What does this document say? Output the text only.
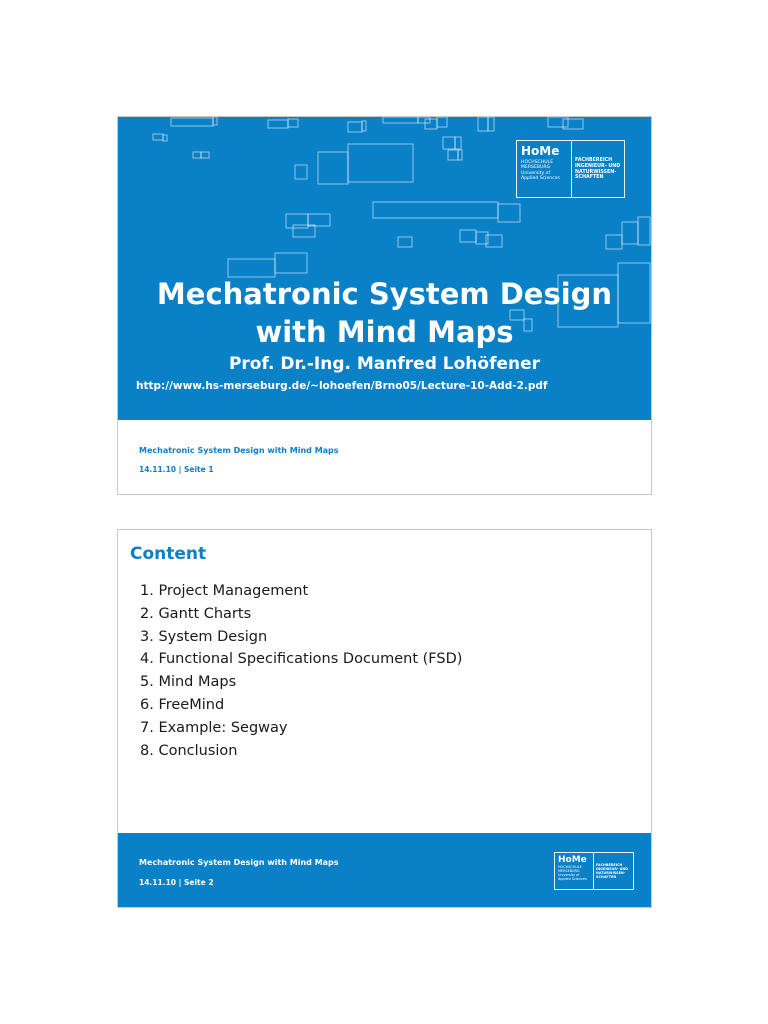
HoMe
HOCHSCHULE
MERSEBURG
University of
Applied Sciences
FACHBEREICH
INGENIEUR- UND
NATURWISSEN-
SCHAFTEN
Mechatronic System Design
with Mind Maps
Prof. Dr.-Ing. Manfred Lohöfener
http://www.hs-merseburg.de/~lohoefen/Brno05/Lecture-10-Add-2.pdf
Mechatronic System Design with Mind Maps
14.11.10 | Seite 1
Content
1. Project Management
2. Gantt Charts
3. System Design
4. Functional Specifications Document (FSD)
5. Mind Maps
6. FreeMind
7. Example: Segway
8. Conclusion
Mechatronic System Design with Mind Maps
14.11.10 | Seite 2
HoMe
HOCHSCHULE
MERSEBURG
University of
Applied Sciences
FACHBEREICH
INGENIEUR- UND
NATURWISSEN-
SCHAFTEN
